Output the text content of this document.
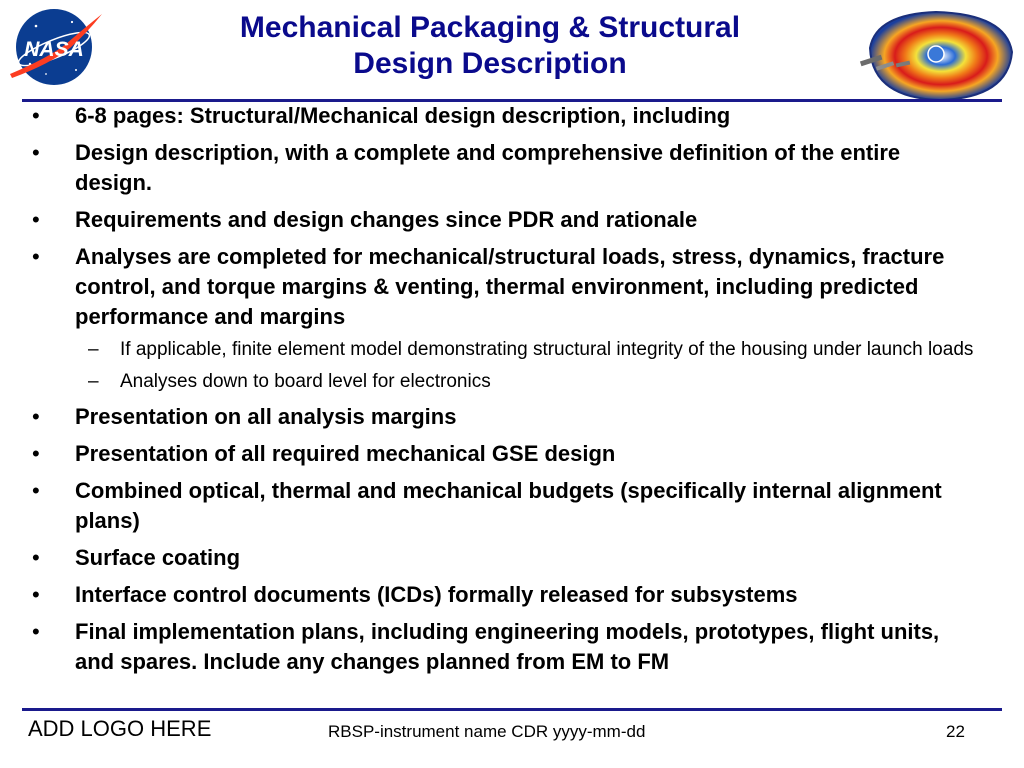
NASA
Mechanical Packaging & Structural
Design Description
• 6-8 pages: Structural/Mechanical design description, including
• Design description, with a complete and comprehensive definition of the entire design.
• Requirements and design changes since PDR and rationale
• Analyses are completed for mechanical/structural loads, stress, dynamics, fracture control, and torque margins & venting, thermal environment, including predicted performance and margins
– If applicable, finite element model demonstrating structural integrity of the housing under launch loads
– Analyses down to board level for electronics
• Presentation on all analysis margins
• Presentation of all required mechanical GSE design
• Combined optical, thermal and mechanical budgets (specifically internal alignment plans)
• Surface coating
• Interface control documents (ICDs) formally released for subsystems
• Final implementation plans, including engineering models, prototypes, flight units, and spares. Include any changes planned from EM to FM
ADD LOGO HERE	RBSP-instrument name CDR yyyy-mm-dd	22
